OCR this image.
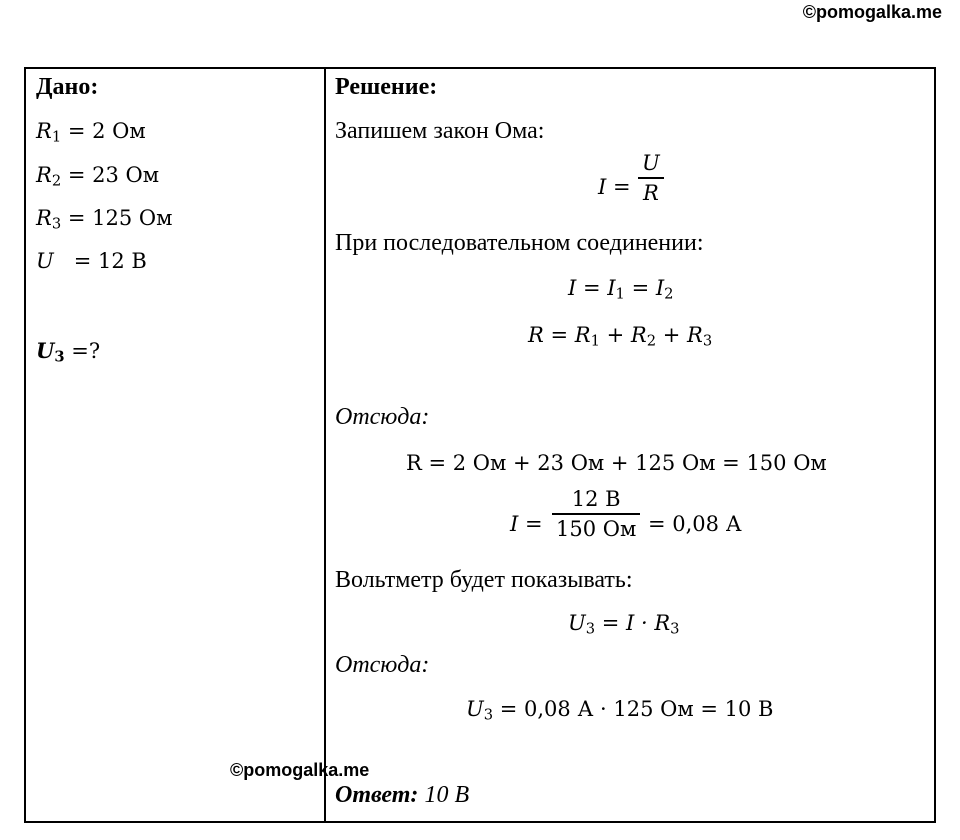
©pomogalka.me
Дано:
$R_1 = 2$ Ом
$R_2 = 23$ Ом
$R_3 = 125$ Ом
U = 12 В
$U_3$ =?
Решение:
Запишем закон Ома:
I =
U
R
При последовательном соединении:
$I = I_1 = I_2$
$R = R_1 + R_2 + R_3$
Отсюда:
R = 2 Ом + 23 Ом + 125 Ом = 150 Ом
I =
12 В
150 Ом = 0,08 А
Вольтметр будет показывать:
$U_3 = I \cdot R_3$
Отсюда:
$U_3 = 0,08$ А · 125 Ом = 10 В
Ответ: 10 В
©pomogalka.me
